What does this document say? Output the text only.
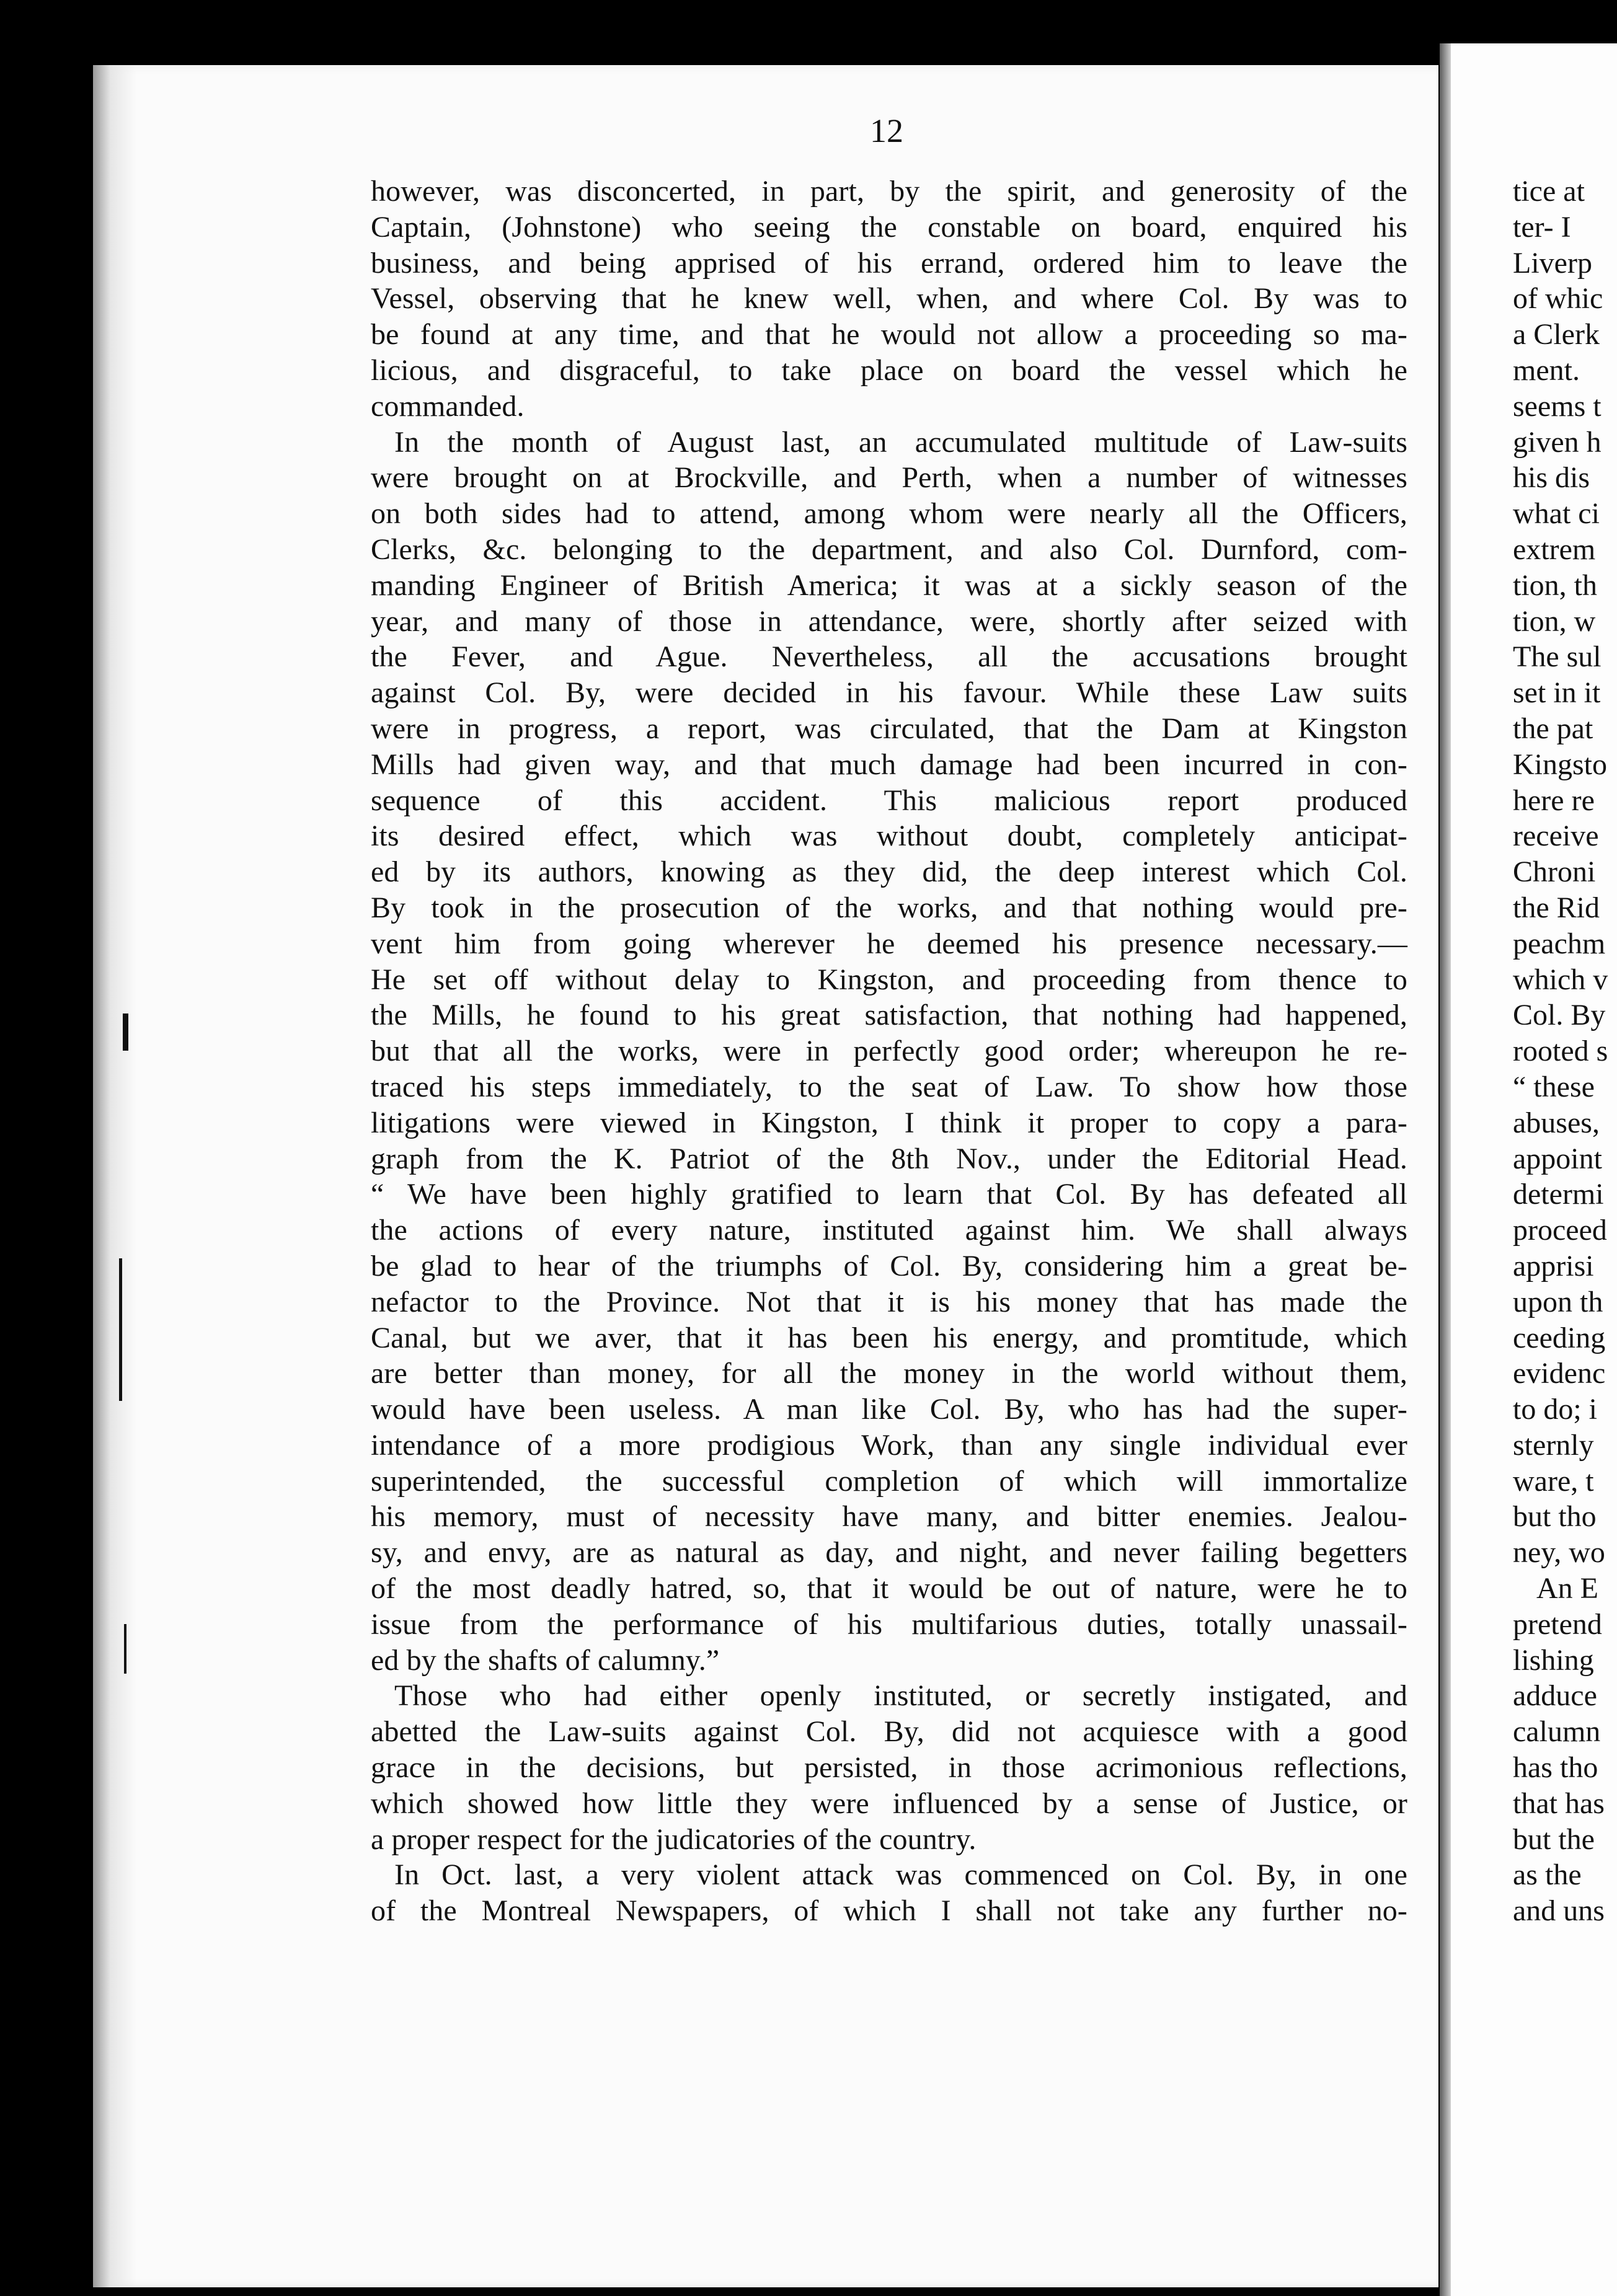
12
however, was disconcerted, in part, by the spirit, and generosity of the
Captain, (Johnstone) who seeing the constable on board, enquired his
business, and being apprised of his errand, ordered him to leave the
Vessel, observing that he knew well, when, and where Col. By was to
be found at any time, and that he would not allow a proceeding so ma-
licious, and disgraceful, to take place on board the vessel which he
commanded.
In the month of August last, an accumulated multitude of Law-suits
were brought on at Brockville, and Perth, when a number of witnesses
on both sides had to attend, among whom were nearly all the Officers,
Clerks, &c. belonging to the department, and also Col. Durnford, com-
manding Engineer of British America; it was at a sickly season of the
year, and many of those in attendance, were, shortly after seized with
the Fever, and Ague. Nevertheless, all the accusations brought
against Col. By, were decided in his favour. While these Law suits
were in progress, a report, was circulated, that the Dam at Kingston
Mills had given way, and that much damage had been incurred in con-
sequence of this accident. This malicious report produced
its desired effect, which was without doubt, completely anticipat-
ed by its authors, knowing as they did, the deep interest which Col.
By took in the prosecution of the works, and that nothing would pre-
vent him from going wherever he deemed his presence necessary.—
He set off without delay to Kingston, and proceeding from thence to
the Mills, he found to his great satisfaction, that nothing had happened,
but that all the works, were in perfectly good order; whereupon he re-
traced his steps immediately, to the seat of Law. To show how those
litigations were viewed in Kingston, I think it proper to copy a para-
graph from the K. Patriot of the 8th Nov., under the Editorial Head.
“ We have been highly gratified to learn that Col. By has defeated all
the actions of every nature, instituted against him. We shall always
be glad to hear of the triumphs of Col. By, considering him a great be-
nefactor to the Province. Not that it is his money that has made the
Canal, but we aver, that it has been his energy, and promtitude, which
are better than money, for all the money in the world without them,
would have been useless. A man like Col. By, who has had the super-
intendance of a more prodigious Work, than any single individual ever
superintended, the successful completion of which will immortalize
his memory, must of necessity have many, and bitter enemies. Jealou-
sy, and envy, are as natural as day, and night, and never failing begetters
of the most deadly hatred, so, that it would be out of nature, were he to
issue from the performance of his multifarious duties, totally unassail-
ed by the shafts of calumny.”
Those who had either openly instituted, or secretly instigated, and
abetted the Law-suits against Col. By, did not acquiesce with a good
grace in the decisions, but persisted, in those acrimonious reflections,
which showed how little they were influenced by a sense of Justice, or
a proper respect for the judicatories of the country.
In Oct. last, a very violent attack was commenced on Col. By, in one
of the Montreal Newspapers, of which I shall not take any further no-
tice at
ter- I
Liverp
of whic
a Clerk
ment.
seems t
given h
his dis
what ci
extrem
tion, th
tion, w
The sul
set in it
the pat
Kingsto
here re
receive
Chroni
the Rid
peachm
which v
Col. By
rooted s
“ these
abuses,
appoint
determi
proceed
apprisi
upon th
ceeding
evidenc
to do; i
sternly
ware, t
but tho
ney, wo
An E
pretend
lishing
adduce
calumn
has tho
that has
but the
as the
and uns
